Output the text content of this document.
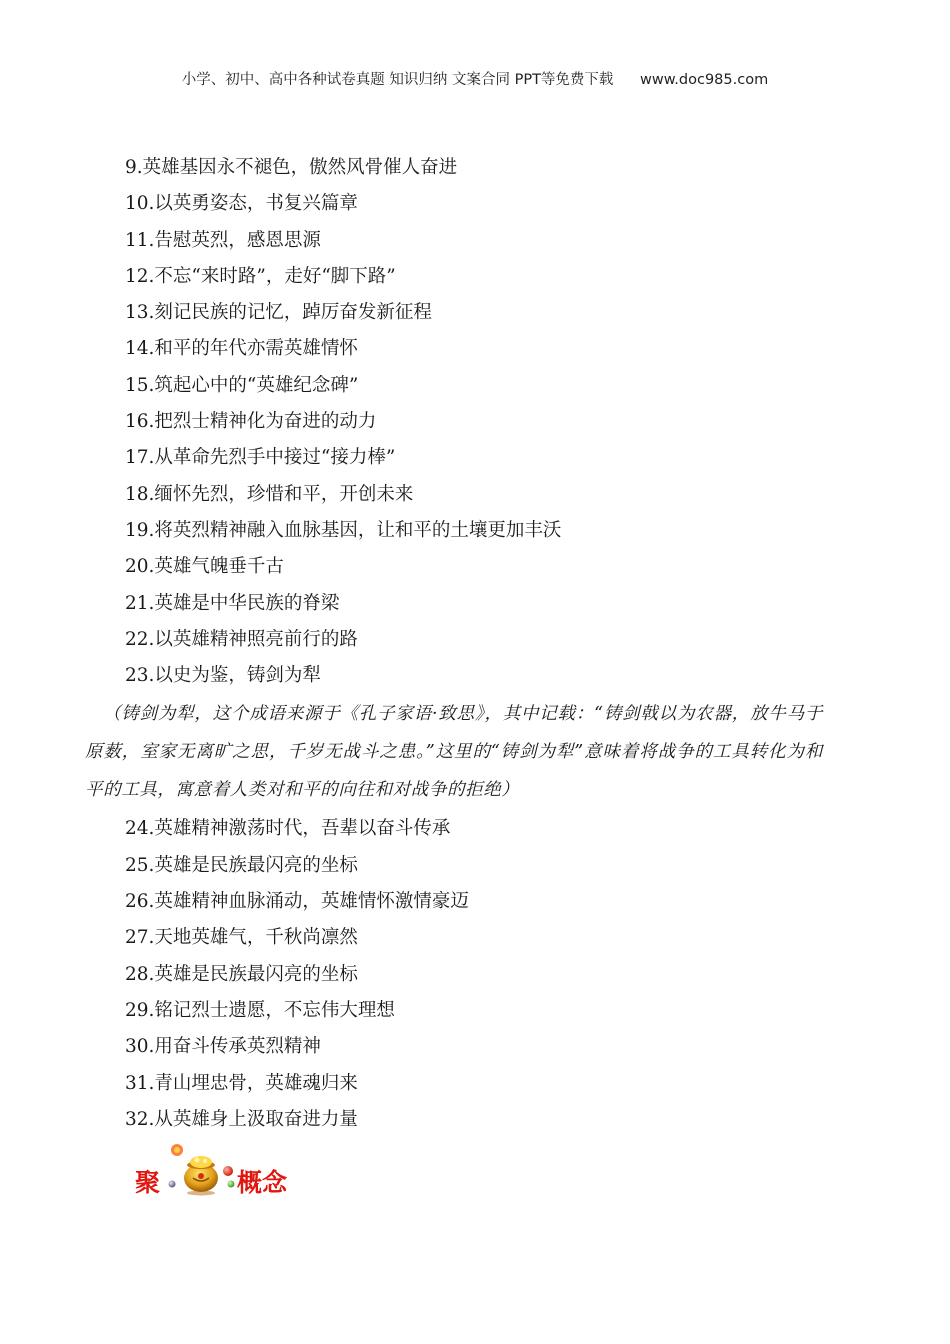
小学、初中、高中各种试卷真题 知识归纳 文案合同 PPT等免费下载 www.doc985.com
9.英雄基因永不褪色，傲然风骨催人奋进
10.以英勇姿态，书复兴篇章
11.告慰英烈，感恩思源
12.不忘“来时路”，走好“脚下路”
13.刻记民族的记忆，踔厉奋发新征程
14.和平的年代亦需英雄情怀
15.筑起心中的“英雄纪念碑”
16.把烈士精神化为奋进的动力
17.从革命先烈手中接过“接力棒”
18.缅怀先烈，珍惜和平，开创未来
19.将英烈精神融入血脉基因，让和平的土壤更加丰沃
20.英雄气魄垂千古
21.英雄是中华民族的脊梁
22.以英雄精神照亮前行的路
23.以史为鉴，铸剑为犁
（铸剑为犁，这个成语来源于《孔子家语·致思》，其中记载：“铸剑戟以为农器，放牛马于原薮，室家无离旷之思，千岁无战斗之患。”这里的“铸剑为犁”意味着将战争的工具转化为和平的工具，寓意着人类对和平的向往和对战争的拒绝）
24.英雄精神激荡时代，吾辈以奋斗传承
25.英雄是民族最闪亮的坐标
26.英雄精神血脉涌动，英雄情怀激情豪迈
27.天地英雄气，千秋尚凛然
28.英雄是民族最闪亮的坐标
29.铭记烈士遗愿，不忘伟大理想
30.用奋斗传承英烈精神
31.青山埋忠骨，英雄魂归来
32.从英雄身上汲取奋进力量
聚	概念
